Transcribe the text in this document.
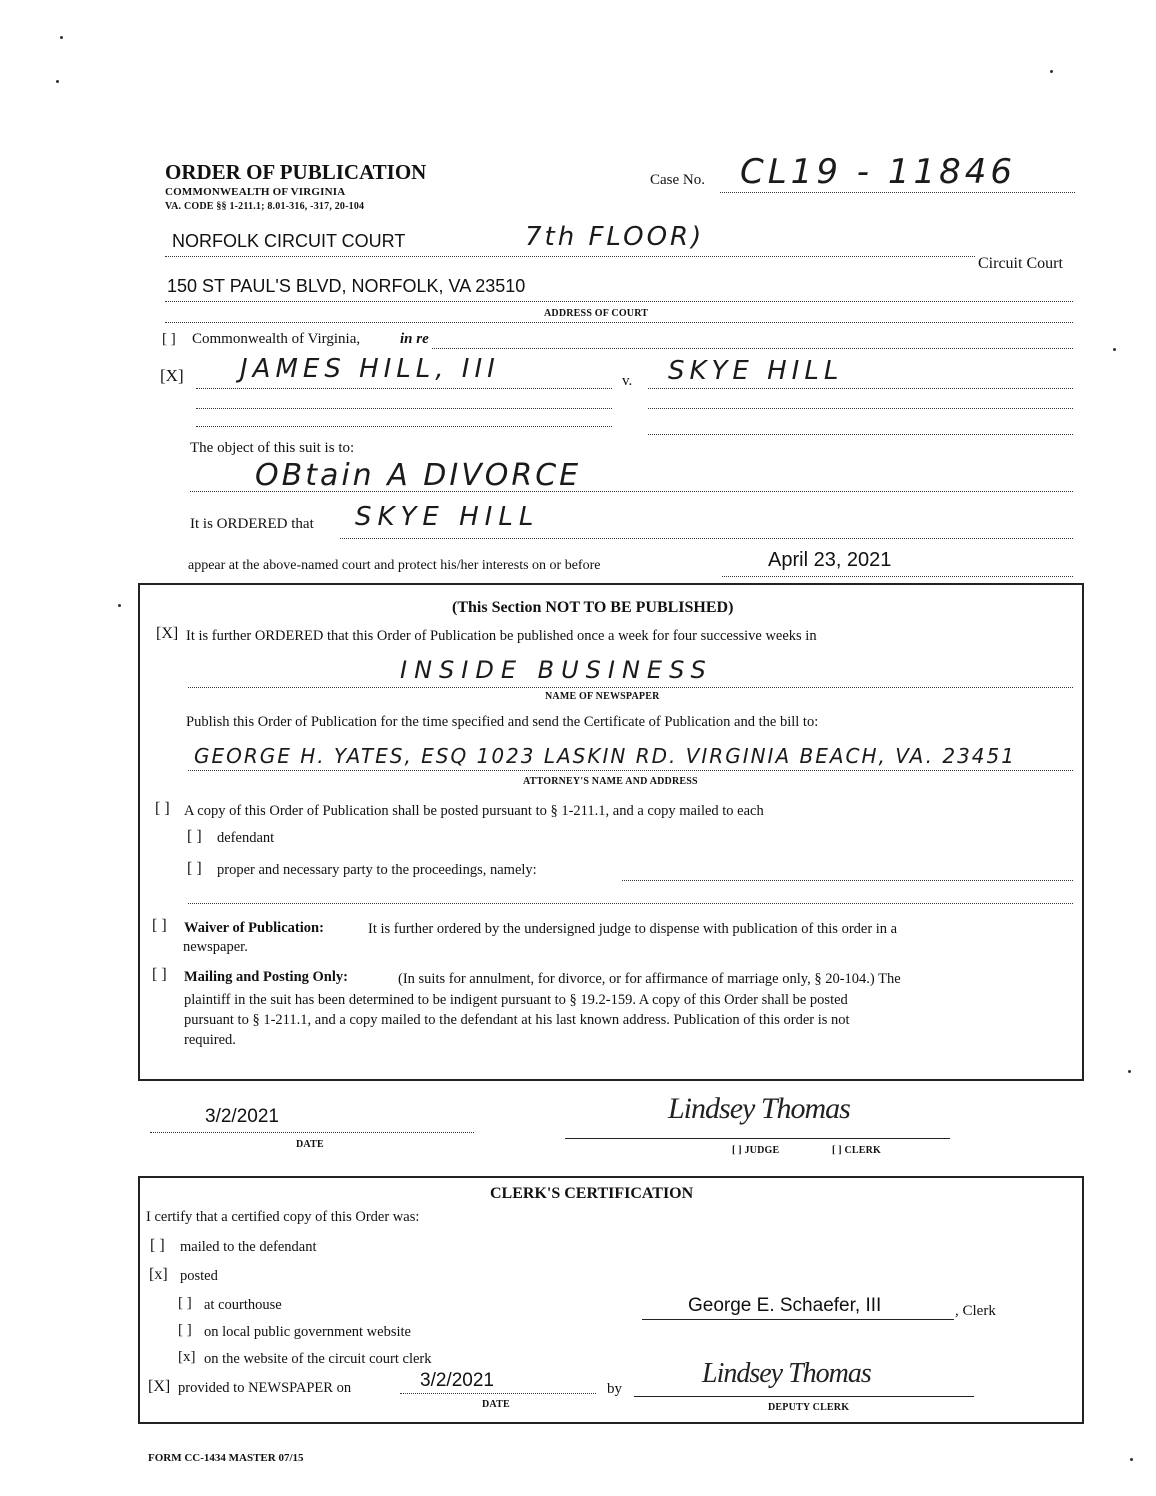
ORDER OF PUBLICATION
COMMONWEALTH OF VIRGINIA
VA. CODE §§ 1-211.1; 8.01-316, -317, 20-104
Case No. CL19 - 11846
NORFOLK CIRCUIT COURT	7th FLOOR)
Circuit Court
150 ST PAUL'S BLVD, NORFOLK, VA 23510
ADDRESS OF COURT
[ ] Commonwealth of Virginia,	in re
[X] JAMES HILL, III	v. SKYE HILL
The object of this suit is to:
OBtain A DIVORCE
It is ORDERED that SKYE HILL
appear at the above-named court and protect his/her interests on or before	April 23, 2021
(This Section NOT TO BE PUBLISHED)
[X] It is further ORDERED that this Order of Publication be published once a week for four successive weeks in
INSIDE BUSINESS
NAME OF NEWSPAPER
Publish this Order of Publication for the time specified and send the Certificate of Publication and the bill to:
GEORGE H. YATES, ESQ 1023 LASKIN RD. VIRGINIA BEACH, VA. 23451
ATTORNEY'S NAME AND ADDRESS
[ ] A copy of this Order of Publication shall be posted pursuant to § 1-211.1, and a copy mailed to each
[ ] defendant
[ ] proper and necessary party to the proceedings, namely:
[ ] Waiver of Publication:	It is further ordered by the undersigned judge to dispense with publication of this order in a
newspaper.
[ ] Mailing and Posting Only:	(In suits for annulment, for divorce, or for affirmance of marriage only, § 20-104.) The
plaintiff in the suit has been determined to be indigent pursuant to § 19.2-159. A copy of this Order shall be posted
pursuant to § 1-211.1, and a copy mailed to the defendant at his last known address. Publication of this order is not
required.
3/2/2021
DATE
Lindsey Thomas
[ ] JUDGE	[ ] CLERK
CLERK'S CERTIFICATION
I certify that a certified copy of this Order was:
[ ] mailed to the defendant
[x] posted
[ ] at courthouse
[ ] on local public government website
[x] on the website of the circuit court clerk
[X] provided to NEWSPAPER on	3/2/2021
DATE
by
George E. Schaefer, III	, Clerk
Lindsey Thomas
DEPUTY CLERK
FORM CC-1434 MASTER 07/15
